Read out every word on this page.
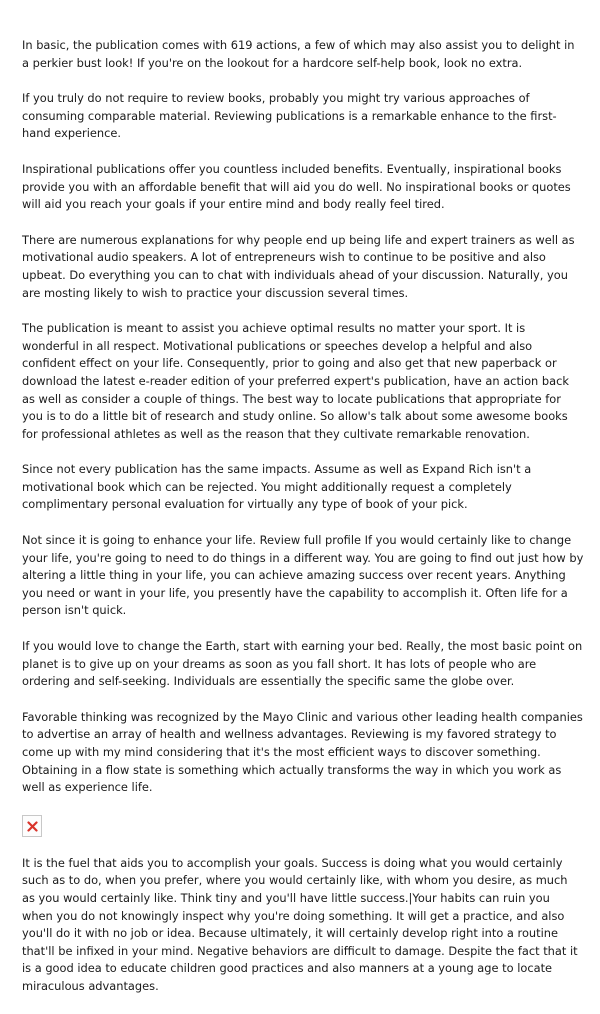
In basic, the publication comes with 619 actions, a few of which may also assist you to delight in a perkier bust look! If you're on the lookout for a hardcore self-help book, look no extra.

If you truly do not require to review books, probably you might try various approaches of consuming comparable material. Reviewing publications is a remarkable enhance to the first-hand experience.

Inspirational publications offer you countless included benefits. Eventually, inspirational books provide you with an affordable benefit that will aid you do well. No inspirational books or quotes will aid you reach your goals if your entire mind and body really feel tired.

There are numerous explanations for why people end up being life and expert trainers as well as motivational audio speakers. A lot of entrepreneurs wish to continue to be positive and also upbeat. Do everything you can to chat with individuals ahead of your discussion. Naturally, you are mosting likely to wish to practice your discussion several times.

The publication is meant to assist you achieve optimal results no matter your sport. It is wonderful in all respect. Motivational publications or speeches develop a helpful and also confident effect on your life. Consequently, prior to going and also get that new paperback or download the latest e-reader edition of your preferred expert's publication, have an action back as well as consider a couple of things. The best way to locate publications that appropriate for you is to do a little bit of research and study online. So allow's talk about some awesome books for professional athletes as well as the reason that they cultivate remarkable renovation.

Since not every publication has the same impacts. Assume as well as Expand Rich isn't a motivational book which can be rejected. You might additionally request a completely complimentary personal evaluation for virtually any type of book of your pick.

Not since it is going to enhance your life. Review full profile If you would certainly like to change your life, you're going to need to do things in a different way. You are going to find out just how by altering a little thing in your life, you can achieve amazing success over recent years. Anything you need or want in your life, you presently have the capability to accomplish it. Often life for a person isn't quick.

If you would love to change the Earth, start with earning your bed. Really, the most basic point on planet is to give up on your dreams as soon as you fall short. It has lots of people who are ordering and self-seeking. Individuals are essentially the specific same the globe over.

Favorable thinking was recognized by the Mayo Clinic and various other leading health companies to advertise an array of health and wellness advantages. Reviewing is my favored strategy to come up with my mind considering that it's the most efficient ways to discover something. Obtaining in a flow state is something which actually transforms the way in which you work as well as experience life.

It is the fuel that aids you to accomplish your goals. Success is doing what you would certainly such as to do, when you prefer, where you would certainly like, with whom you desire, as much as you would certainly like. Think tiny and you'll have little success.|Your habits can ruin you when you do not knowingly inspect why you're doing something. It will get a practice, and also you'll do it with no job or idea. Because ultimately, it will certainly develop right into a routine that'll be infixed in your mind. Negative behaviors are difficult to damage. Despite the fact that it is a good idea to educate children good practices and also manners at a young age to locate miraculous advantages.
